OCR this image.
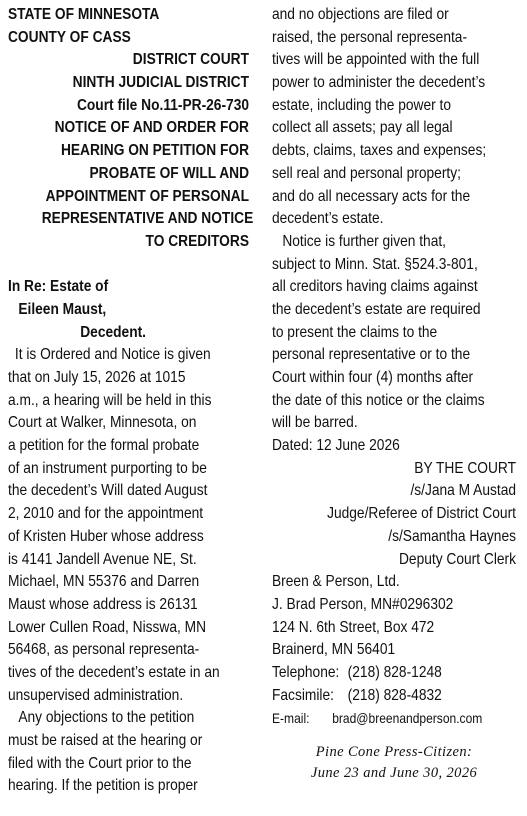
STATE OF MINNESOTA
COUNTY OF CASS
DISTRICT COURT
NINTH JUDICIAL DISTRICT
Court file No.11-PR-26-730
NOTICE OF AND ORDER FOR
HEARING ON PETITION FOR
PROBATE OF WILL AND
APPOINTMENT OF PERSONAL
REPRESENTATIVE AND NOTICE
TO CREDITORS
In Re: Estate of
Eileen Maust,
Decedent.
It is Ordered and Notice is given
that on July 15, 2026 at 1015
a.m., a hearing will be held in this
Court at Walker, Minnesota, on
a petition for the formal probate
of an instrument purporting to be
the decedent’s Will dated August
2, 2010 and for the appointment
of Kristen Huber whose address
is 4141 Jandell Avenue NE, St.
Michael, MN 55376 and Darren
Maust whose address is 26131
Lower Cullen Road, Nisswa, MN
56468, as personal representa-
tives of the decedent’s estate in an
unsupervised administration.
Any objections to the petition
must be raised at the hearing or
filed with the Court prior to the
hearing. If the petition is proper
and no objections are filed or
raised, the personal representa-
tives will be appointed with the full
power to administer the decedent’s
estate, including the power to
collect all assets; pay all legal
debts, claims, taxes and expenses;
sell real and personal property;
and do all necessary acts for the
decedent’s estate.
Notice is further given that,
subject to Minn. Stat. §524.3-801,
all creditors having claims against
the decedent’s estate are required
to present the claims to the
personal representative or to the
Court within four (4) months after
the date of this notice or the claims
will be barred.
Dated: 12 June 2026
BY THE COURT
/s/Jana M Austad
Judge/Referee of District Court
/s/Samantha Haynes
Deputy Court Clerk
Breen & Person, Ltd.
J. Brad Person, MN#0296302
124 N. 6th Street, Box 472
Brainerd, MN 56401
Telephone: (218) 828-1248
Facsimile: (218) 828-4832
E-mail: brad@breenandperson.com
Pine Cone Press-Citizen:
June 23 and June 30, 2026
